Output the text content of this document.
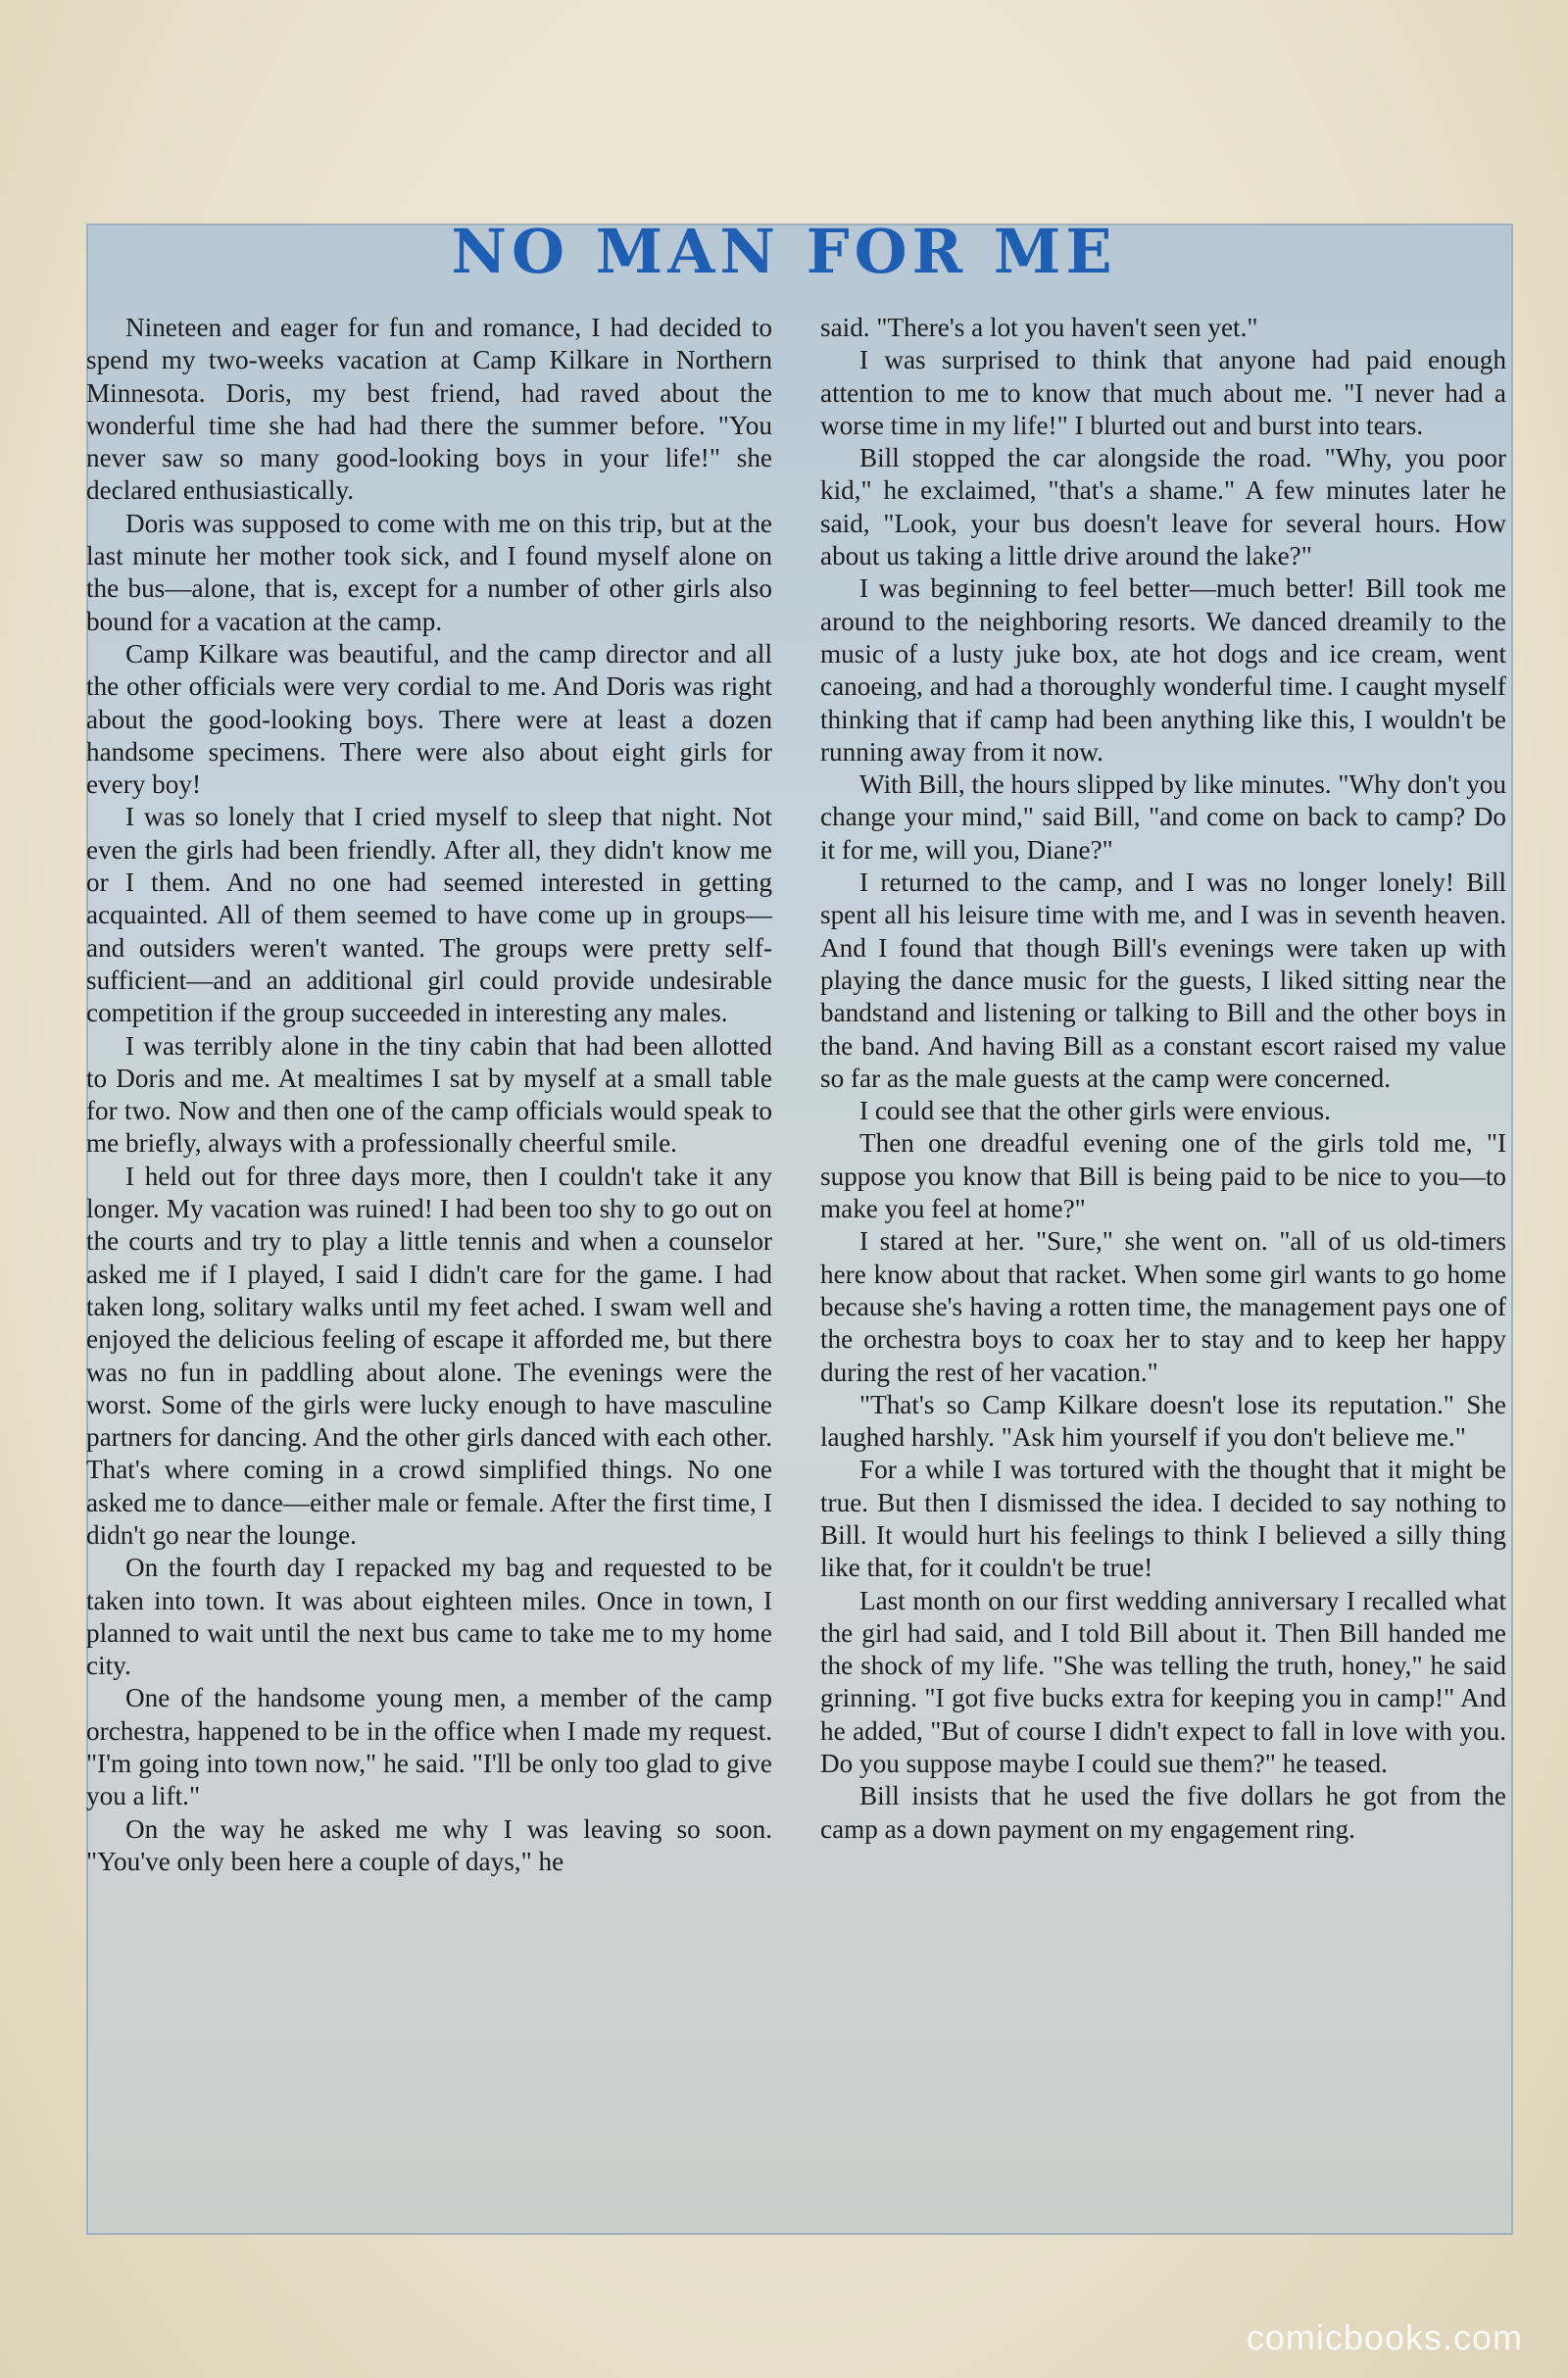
NO MAN FOR ME

Nineteen and eager for fun and romance, I had decided to spend my two-weeks vacation at Camp Kilkare in Northern Minnesota. Doris, my best friend, had raved about the wonderful time she had had there the summer before. "You never saw so many good-looking boys in your life!" she declared enthusiastically.

Doris was supposed to come with me on this trip, but at the last minute her mother took sick, and I found myself alone on the bus—alone, that is, except for a number of other girls also bound for a vacation at the camp.

Camp Kilkare was beautiful, and the camp director and all the other officials were very cordial to me. And Doris was right about the good-looking boys. There were at least a dozen handsome specimens. There were also about eight girls for every boy!

I was so lonely that I cried myself to sleep that night. Not even the girls had been friendly. After all, they didn't know me or I them. And no one had seemed interested in getting acquainted. All of them seemed to have come up in groups—and outsiders weren't wanted. The groups were pretty self-sufficient—and an additional girl could provide undesirable competition if the group succeeded in interesting any males.

I was terribly alone in the tiny cabin that had been allotted to Doris and me. At mealtimes I sat by myself at a small table for two. Now and then one of the camp officials would speak to me briefly, always with a professionally cheerful smile.

I held out for three days more, then I couldn't take it any longer. My vacation was ruined! I had been too shy to go out on the courts and try to play a little tennis and when a counselor asked me if I played, I said I didn't care for the game. I had taken long, solitary walks until my feet ached. I swam well and enjoyed the delicious feeling of escape it afforded me, but there was no fun in paddling about alone. The evenings were the worst. Some of the girls were lucky enough to have masculine partners for dancing. And the other girls danced with each other. That's where coming in a crowd simplified things. No one asked me to dance—either male or female. After the first time, I didn't go near the lounge.

On the fourth day I repacked my bag and requested to be taken into town. It was about eighteen miles. Once in town, I planned to wait until the next bus came to take me to my home city.

One of the handsome young men, a member of the camp orchestra, happened to be in the office when I made my request. "I'm going into town now," he said. "I'll be only too glad to give you a lift."

On the way he asked me why I was leaving so soon. "You've only been here a couple of days," he

said. "There's a lot you haven't seen yet."

I was surprised to think that anyone had paid enough attention to me to know that much about me. "I never had a worse time in my life!" I blurted out and burst into tears.

Bill stopped the car alongside the road. "Why, you poor kid," he exclaimed, "that's a shame." A few minutes later he said, "Look, your bus doesn't leave for several hours. How about us taking a little drive around the lake?"

I was beginning to feel better—much better! Bill took me around to the neighboring resorts. We danced dreamily to the music of a lusty juke box, ate hot dogs and ice cream, went canoeing, and had a thoroughly wonderful time. I caught myself thinking that if camp had been anything like this, I wouldn't be running away from it now.

With Bill, the hours slipped by like minutes. "Why don't you change your mind," said Bill, "and come on back to camp? Do it for me, will you, Diane?"

I returned to the camp, and I was no longer lonely! Bill spent all his leisure time with me, and I was in seventh heaven. And I found that though Bill's evenings were taken up with playing the dance music for the guests, I liked sitting near the bandstand and listening or talking to Bill and the other boys in the band. And having Bill as a constant escort raised my value so far as the male guests at the camp were concerned.

I could see that the other girls were envious.

Then one dreadful evening one of the girls told me, "I suppose you know that Bill is being paid to be nice to you—to make you feel at home?"

I stared at her. "Sure," she went on. "all of us old-timers here know about that racket. When some girl wants to go home because she's having a rotten time, the management pays one of the orchestra boys to coax her to stay and to keep her happy during the rest of her vacation."

"That's so Camp Kilkare doesn't lose its reputation." She laughed harshly. "Ask him yourself if you don't believe me."

For a while I was tortured with the thought that it might be true. But then I dismissed the idea. I decided to say nothing to Bill. It would hurt his feelings to think I believed a silly thing like that, for it couldn't be true!

Last month on our first wedding anniversary I recalled what the girl had said, and I told Bill about it. Then Bill handed me the shock of my life. "She was telling the truth, honey," he said grinning. "I got five bucks extra for keeping you in camp!" And he added, "But of course I didn't expect to fall in love with you. Do you suppose maybe I could sue them?" he teased.

Bill insists that he used the five dollars he got from the camp as a down payment on my engagement ring.

comicbooks.com
